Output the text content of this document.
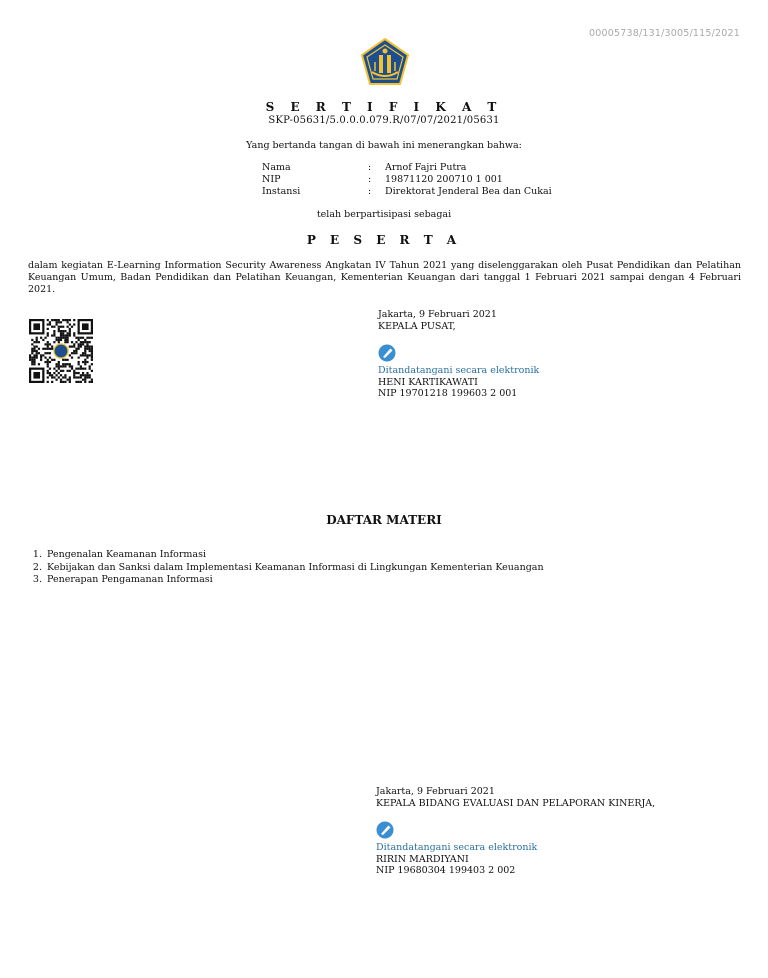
00005738/131/3005/115/2021
S E R T I F I K A T
SKP-05631/5.0.0.0.079.R/07/07/2021/05631
Yang bertanda tangan di bawah ini menerangkan bahwa:
Nama	: Arnof Fajri Putra
NIP	: 19871120 200710 1 001
Instansi	: Direktorat Jenderal Bea dan Cukai
telah berpartisipasi sebagai
P E S E R T A
dalam kegiatan E-Learning Information Security Awareness Angkatan IV Tahun 2021 yang diselenggarakan oleh Pusat Pendidikan dan Pelatihan Keuangan Umum, Badan Pendidikan dan Pelatihan Keuangan, Kementerian Keuangan dari tanggal 1 Februari 2021 sampai dengan 4 Februari 2021.
Jakarta, 9 Februari 2021
KEPALA PUSAT,
Ditandatangani secara elektronik
HENI KARTIKAWATI
NIP 19701218 199603 2 001
DAFTAR MATERI
1. Pengenalan Keamanan Informasi
2. Kebijakan dan Sanksi dalam Implementasi Keamanan Informasi di Lingkungan Kementerian Keuangan
3. Penerapan Pengamanan Informasi
Jakarta, 9 Februari 2021
KEPALA BIDANG EVALUASI DAN PELAPORAN KINERJA,
Ditandatangani secara elektronik
RIRIN MARDIYANI
NIP 19680304 199403 2 002
